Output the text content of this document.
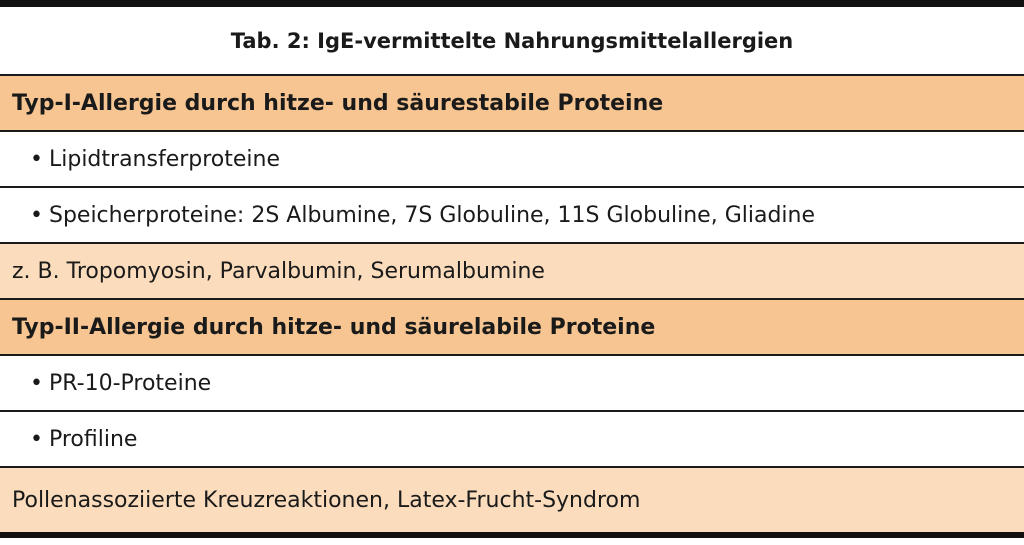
Tab. 2: IgE-vermittelte Nahrungsmittelallergien
Typ-I-Allergie durch hitze- und säurestabile Proteine
• Lipidtransferproteine
• Speicherproteine: 2S Albumine, 7S Globuline, 11S Globuline, Gliadine
z. B. Tropomyosin, Parvalbumin, Serumalbumine
Typ-II-Allergie durch hitze- und säurelabile Proteine
• PR-10-Proteine
• Profiline
Pollenassoziierte Kreuzreaktionen, Latex-Frucht-Syndrom
